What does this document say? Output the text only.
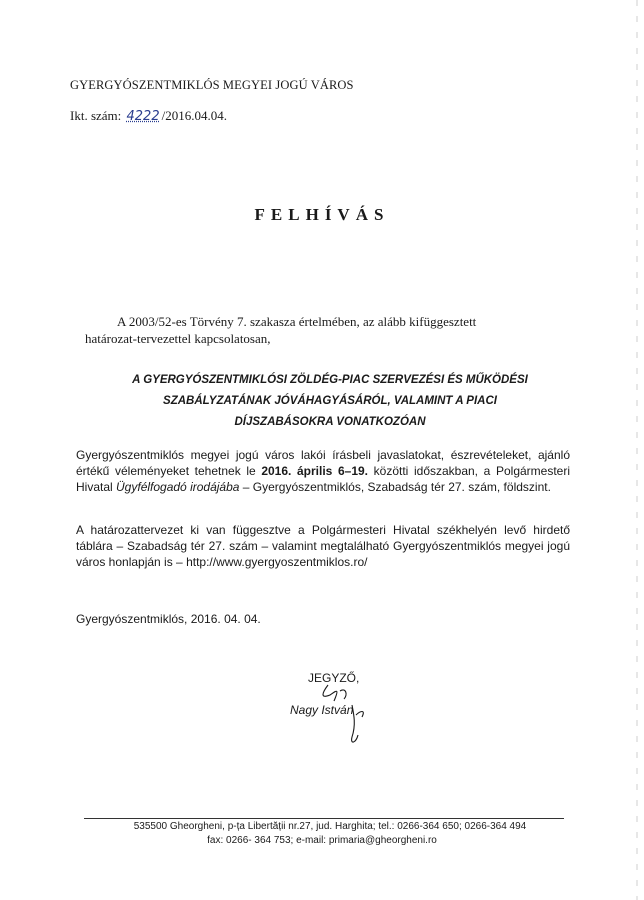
GYERGYÓSZENTMIKLÓS MEGYEI JOGÚ VÁROS
Ikt. szám: 4222 /2016.04.04.
FELHÍVÁS
A 2003/52-es Törvény 7. szakasza értelmében, az alább kifüggesztett
határozat-tervezettel kapcsolatosan,
A GYERGYÓSZENTMIKLÓSI ZÖLDÉG-PIAC SZERVEZÉSI ÉS MŰKÖDÉSI
SZABÁLYZATÁNAK JÓVÁHAGYÁSÁRÓL, VALAMINT A PIACI
DÍJSZABÁSOKRA VONATKOZÓAN
Gyergyószentmiklós megyei jogú város lakói írásbeli javaslatokat, észrevételeket, ajánló értékű véleményeket tehetnek le 2016. április 6–19. közötti időszakban, a Polgármesteri Hivatal Ügyfélfogadó irodájába – Gyergyószentmiklós, Szabadság tér 27. szám, földszint.
A határozattervezet ki van függesztve a Polgármesteri Hivatal székhelyén levő hirdető táblára – Szabadság tér 27. szám – valamint megtalálható Gyergyószentmiklós megyei jogú város honlapján is – http://www.gyergyoszentmiklos.ro/
Gyergyószentmiklós, 2016. 04. 04.
JEGYZŐ,
Nagy István
535500 Gheorgheni, p-ța Libertății nr.27, jud. Harghita; tel.: 0266-364 650; 0266-364 494
fax: 0266- 364 753; e-mail: primaria@gheorgheni.ro
